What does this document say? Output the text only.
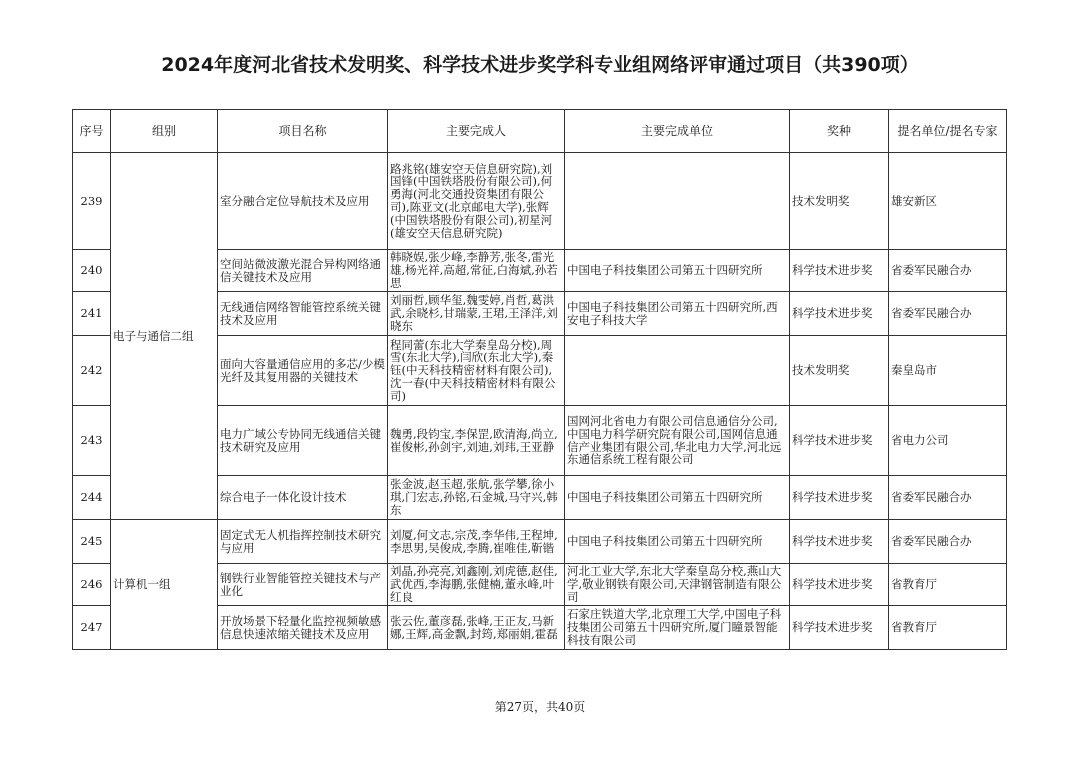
2024年度河北省技术发明奖、科学技术进步奖学科专业组网络评审通过项目（共390项）
序号	组别	项目名称	主要完成人	主要完成单位	奖种	提名单位/提名专家
239	电子与通信二组	室分融合定位导航技术及应用	路兆铭(雄安空天信息研究院),刘国锋(中国铁塔股份有限公司),何勇海(河北交通投资集团有限公司),陈亚文(北京邮电大学),张辉(中国铁塔股份有限公司),初星河(雄安空天信息研究院)		技术发明奖	雄安新区
240		空间站微波激光混合异构网络通信关键技术及应用	韩晓娱,张少峰,李静芳,张冬,雷光雄,杨光祥,高超,常征,白海斌,孙若思	中国电子科技集团公司第五十四研究所	科学技术进步奖	省委军民融合办
241		无线通信网络智能管控系统关键技术及应用	刘丽哲,顾华玺,魏雯婷,肖哲,葛洪武,余晓杉,甘瑞蒙,王珺,王泽洋,刘晓东	中国电子科技集团公司第五十四研究所,西安电子科技大学	科学技术进步奖	省委军民融合办
242		面向大容量通信应用的多芯/少模光纤及其复用器的关键技术	程同蕾(东北大学秦皇岛分校),周雪(东北大学),闫欣(东北大学),秦钰(中天科技精密材料有限公司),沈一春(中天科技精密材料有限公司)		技术发明奖	秦皇岛市
243		电力广域公专协同无线通信关键技术研究及应用	魏勇,段钧宝,李保罡,欧清海,尚立,崔俊彬,孙剑宇,刘迪,刘玮,王亚静	国网河北省电力有限公司信息通信分公司,中国电力科学研究院有限公司,国网信息通信产业集团有限公司,华北电力大学,河北远东通信系统工程有限公司	科学技术进步奖	省电力公司
244		综合电子一体化设计技术	张金波,赵玉超,张航,张学攀,徐小琪,门宏志,孙铭,石金城,马守兴,韩东	中国电子科技集团公司第五十四研究所	科学技术进步奖	省委军民融合办
245	计算机一组	固定式无人机指挥控制技术研究与应用	刘厦,何文志,宗茂,李华伟,王程坤,李思男,吴俊成,李腾,崔唯佳,靳锴	中国电子科技集团公司第五十四研究所	科学技术进步奖	省委军民融合办
246		钢铁行业智能管控关键技术与产业化	刘晶,孙亮亮,刘鑫刚,刘虎德,赵佳,武优西,李海鹏,张健楠,董永峰,叶红良	河北工业大学,东北大学秦皇岛分校,燕山大学,敬业钢铁有限公司,天津钢管制造有限公司	科学技术进步奖	省教育厅
247		开放场景下轻量化监控视频敏感信息快速浓缩关键技术及应用	张云佐,董彦磊,张峰,王正友,马新娜,王辉,高金飘,封筠,郑丽娟,霍磊	石家庄铁道大学,北京理工大学,中国电子科技集团公司第五十四研究所,厦门瞳景智能科技有限公司	科学技术进步奖	省教育厅
第27页，共40页
